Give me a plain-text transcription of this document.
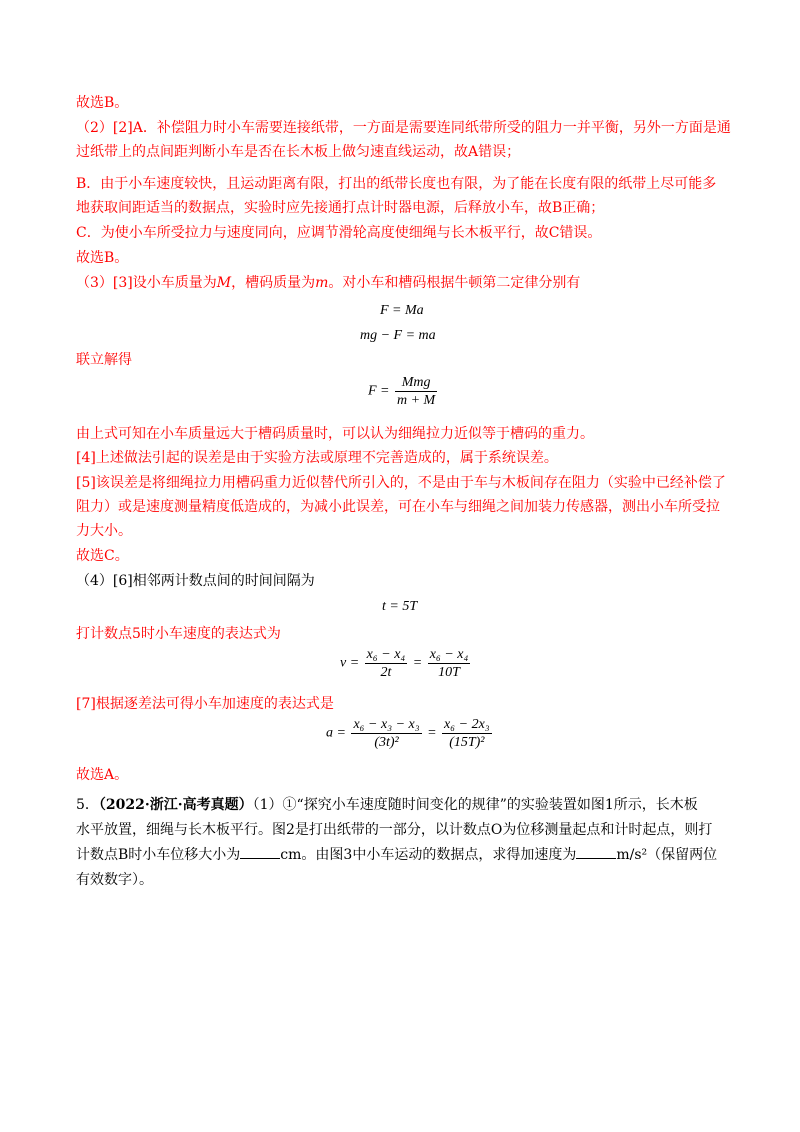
故选B。
（2）[2]A．补偿阻力时小车需要连接纸带，一方面是需要连同纸带所受的阻力一并平衡，另外一方面是通
过纸带上的点间距判断小车是否在长木板上做匀速直线运动，故A错误；
B．由于小车速度较快，且运动距离有限，打出的纸带长度也有限，为了能在长度有限的纸带上尽可能多
地获取间距适当的数据点，实验时应先接通打点计时器电源，后释放小车，故B正确；
C．为使小车所受拉力与速度同向，应调节滑轮高度使细绳与长木板平行，故C错误。
故选B。
（3）[3]设小车质量为M，槽码质量为m。对小车和槽码根据牛顿第二定律分别有
F = Ma
mg − F = ma
联立解得
$F = \frac{\text{Mmg}}{m + M}$
由上式可知在小车质量远大于槽码质量时，可以认为细绳拉力近似等于槽码的重力。
[4]上述做法引起的误差是由于实验方法或原理不完善造成的，属于系统误差。
[5]该误差是将细绳拉力用槽码重力近似替代所引入的，不是由于车与木板间存在阻力（实验中已经补偿了
阻力）或是速度测量精度低造成的，为减小此误差，可在小车与细绳之间加装力传感器，测出小车所受拉
力大小。
故选C。
（4）[6]相邻两计数点间的时间间隔为
t = 5T
打计数点5时小车速度的表达式为
$v = \frac{\text{x₆ − x₄}}{2t} = \frac{\text{x₆ − x₄}}{10T}$
[7]根据逐差法可得小车加速度的表达式是
$a = \frac{\text{x₆ − x₃ − x₃}}{\text{(3t)²}} = \frac{\text{x₆ − 2x₃}}{\text{(15T)²}}$
故选A。
5．（2022·浙江·高考真题）（1）①“探究小车速度随时间变化的规律”的实验装置如图1所示，长木板
水平放置，细绳与长木板平行。图2是打出纸带的一部分，以计数点O为位移测量起点和计时起点，则打
计数点B时小车位移大小为	cm。由图3中小车运动的数据点，求得加速度为	m/s²（保留两位
有效数字）。
